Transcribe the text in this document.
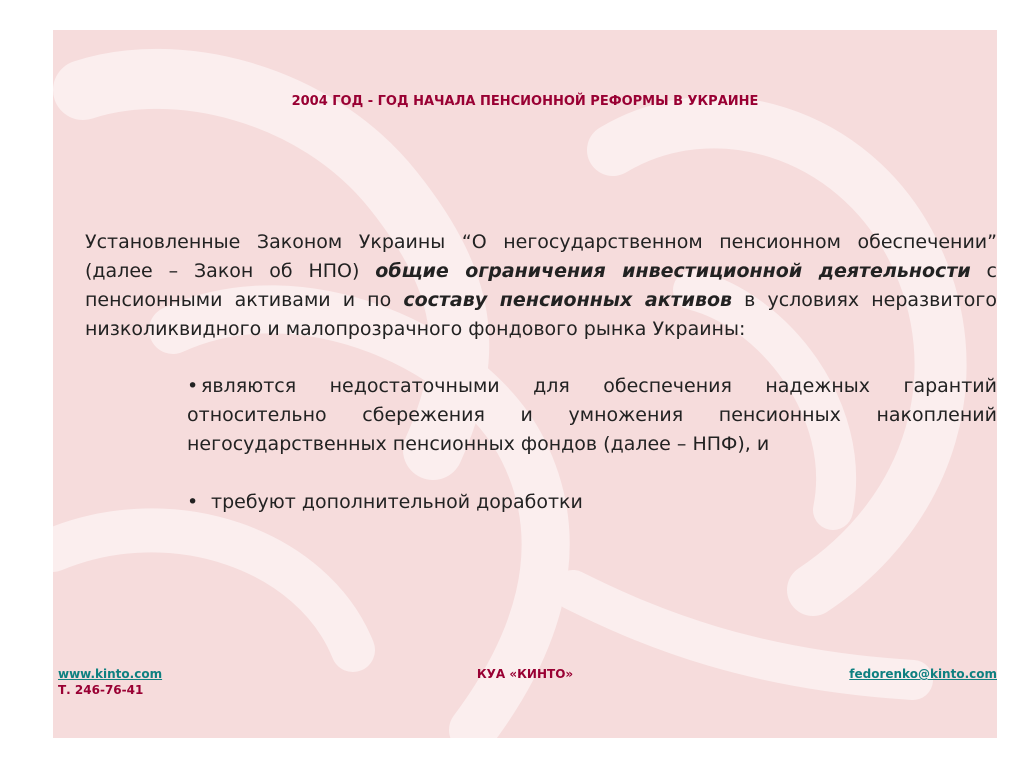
2004 ГОД - ГОД НАЧАЛА ПЕНСИОННОЙ РЕФОРМЫ В УКРАИНЕ

Установленные Законом Украины “О негосударственном пенсионном обеспечении” (далее – Закон об НПО) общие ограничения инвестиционной деятельности с пенсионными активами и по составу пенсионных активов в условиях неразвитого низколиквидного и малопрозрачного фондового рынка Украины:

• являются недостаточными для обеспечения надежных гарантий относительно сбережения и умножения пенсионных накоплений негосударственных пенсионных фондов (далее – НПФ), и
• требуют дополнительной доработки

КУА «КИНТО»

www.kinto.com
Т. 246-76-41
fedorenko@kinto.com
